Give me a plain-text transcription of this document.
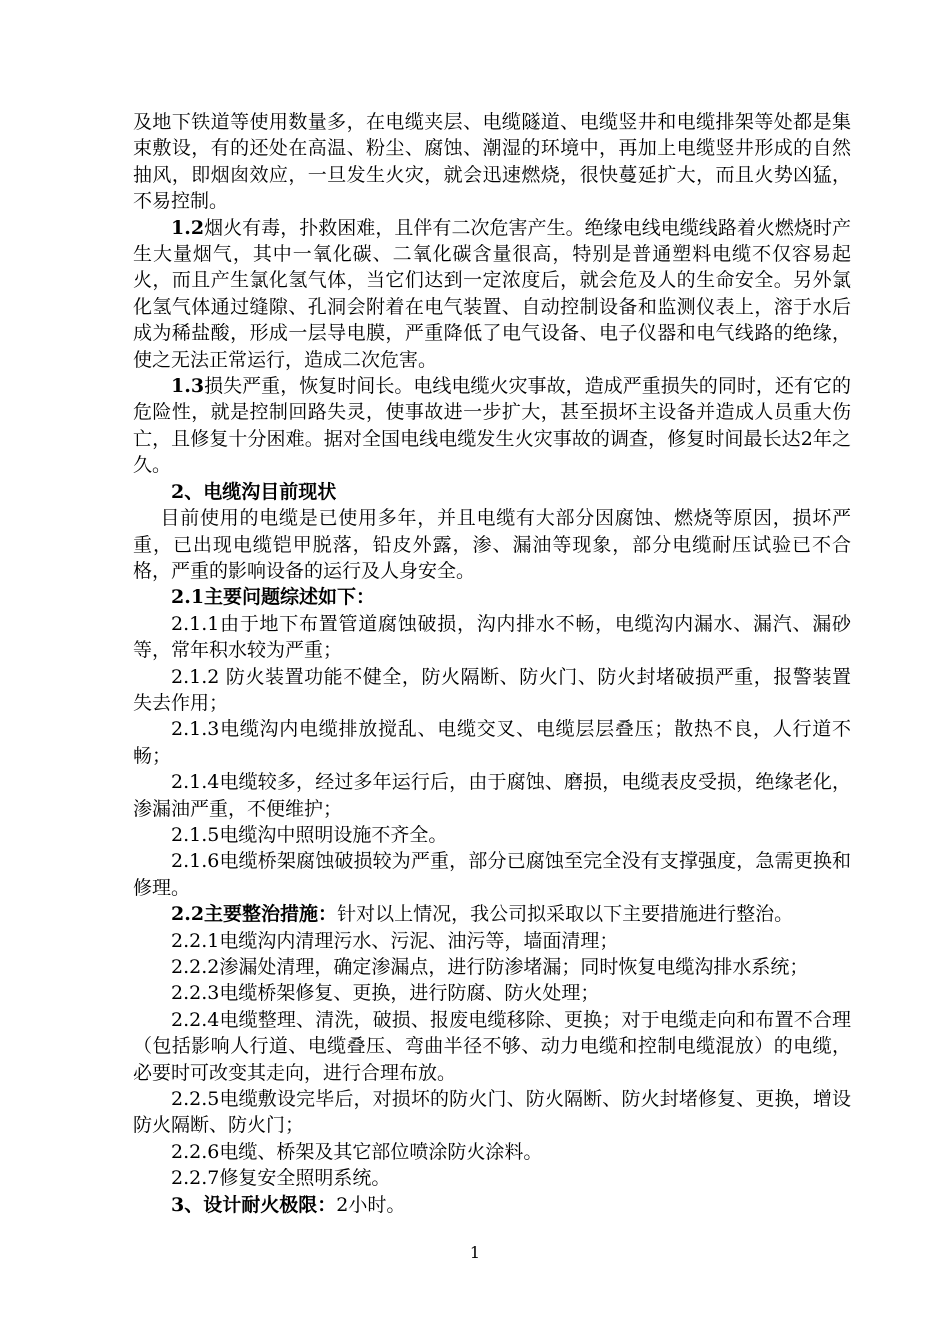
及地下铁道等使用数量多，在电缆夹层、电缆隧道、电缆竖井和电缆排架等处都是集束敷设，有的还处在高温、粉尘、腐蚀、潮湿的环境中，再加上电缆竖井形成的自然抽风，即烟囱效应，一旦发生火灾，就会迅速燃烧，很快蔓延扩大，而且火势凶猛，不易控制。

1.2烟火有毒，扑救困难，且伴有二次危害产生。绝缘电线电缆线路着火燃烧时产生大量烟气，其中一氧化碳、二氧化碳含量很高，特别是普通塑料电缆不仅容易起火，而且产生氯化氢气体，当它们达到一定浓度后，就会危及人的生命安全。另外氯化氢气体通过缝隙、孔洞会附着在电气装置、自动控制设备和监测仪表上，溶于水后成为稀盐酸，形成一层导电膜，严重降低了电气设备、电子仪器和电气线路的绝缘，使之无法正常运行，造成二次危害。

1.3损失严重，恢复时间长。电线电缆火灾事故，造成严重损失的同时，还有它的危险性，就是控制回路失灵，使事故进一步扩大，甚至损坏主设备并造成人员重大伤亡，且修复十分困难。据对全国电线电缆发生火灾事故的调查，修复时间最长达2年之久。

2、电缆沟目前现状

目前使用的电缆是已使用多年，并且电缆有大部分因腐蚀、燃烧等原因，损坏严重，已出现电缆铠甲脱落，铅皮外露，渗、漏油等现象，部分电缆耐压试验已不合格，严重的影响设备的运行及人身安全。

2.1主要问题综述如下：

2.1.1由于地下布置管道腐蚀破损，沟内排水不畅，电缆沟内漏水、漏汽、漏砂等，常年积水较为严重；

2.1.2 防火装置功能不健全，防火隔断、防火门、防火封堵破损严重，报警装置失去作用；

2.1.3电缆沟内电缆排放搅乱、电缆交叉、电缆层层叠压；散热不良，人行道不畅；

2.1.4电缆较多，经过多年运行后，由于腐蚀、磨损，电缆表皮受损，绝缘老化，渗漏油严重，不便维护；

2.1.5电缆沟中照明设施不齐全。

2.1.6电缆桥架腐蚀破损较为严重，部分已腐蚀至完全没有支撑强度，急需更换和修理。

2.2主要整治措施：针对以上情况，我公司拟采取以下主要措施进行整治。

2.2.1电缆沟内清理污水、污泥、油污等，墙面清理；

2.2.2渗漏处清理，确定渗漏点，进行防渗堵漏；同时恢复电缆沟排水系统；

2.2.3电缆桥架修复、更换，进行防腐、防火处理；

2.2.4电缆整理、清洗，破损、报废电缆移除、更换；对于电缆走向和布置不合理（包括影响人行道、电缆叠压、弯曲半径不够、动力电缆和控制电缆混放）的电缆，必要时可改变其走向，进行合理布放。

2.2.5电缆敷设完毕后，对损坏的防火门、防火隔断、防火封堵修复、更换，增设防火隔断、防火门；

2.2.6电缆、桥架及其它部位喷涂防火涂料。

2.2.7修复安全照明系统。

3、设计耐火极限：2小时。

1
